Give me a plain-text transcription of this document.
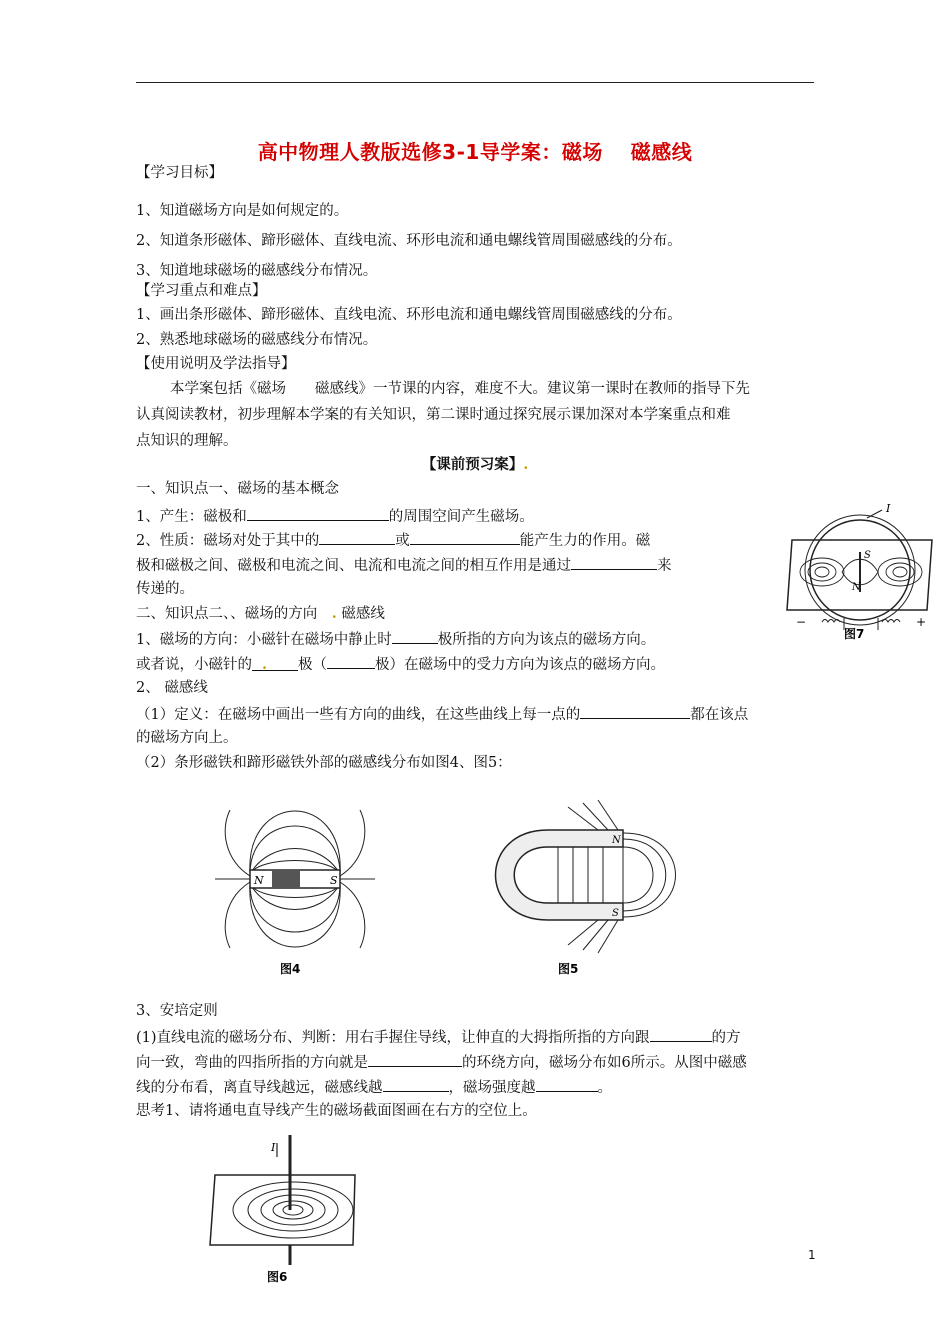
高中物理人教版选修3-1导学案：磁场　 磁感线
【学习目标】
1、知道磁场方向是如何规定的。
2、知道条形磁体、蹄形磁体、直线电流、环形电流和通电螺线管周围磁感线的分布。
3、知道地球磁场的磁感线分布情况。
【学习重点和难点】
1、画出条形磁体、蹄形磁体、直线电流、环形电流和通电螺线管周围磁感线的分布。
2、熟悉地球磁场的磁感线分布情况。
【使用说明及学法指导】
本学案包括《磁场　　磁感线》一节课的内容，难度不大。建议第一课时在教师的指导下先
认真阅读教材，初步理解本学案的有关知识，第二课时通过探究展示课加深对本学案重点和难
点知识的理解。
【课前预习案】.
一、知识点一、磁场的基本概念
1、产生：磁极和	的周围空间产生磁场。
2、性质：磁场对处于其中的	或	能产生力的作用。磁
极和磁极之间、磁极和电流之间、电流和电流之间的相互作用是通过	来
传递的。
二、知识点二、、磁场的方向　 . 磁感线
1、磁场的方向：小磁针在磁场中静止时	极所指的方向为该点的磁场方向。
或者说，小磁针的 . 极（	极）在磁场中的受力方向为该点的磁场方向。
2、 磁感线
（1）定义：在磁场中画出一些有方向的曲线，在这些曲线上每一点的	都在该点
的磁场方向上。
（2）条形磁铁和蹄形磁铁外部的磁感线分布如图4、图5：
3、安培定则
(1)直线电流的磁场分布、判断：用右手握住导线，让伸直的大拇指所指的方向跟	的方
向一致，弯曲的四指所指的方向就是	的环绕方向，磁场分布如6所示。从图中磁感
线的分布看，离直导线越远，磁感线越	，磁场强度越	。
思考1、请将通电直导线产生的磁场截面图画在右方的空位上。
S
N
I
−	+
图7
N	S
图4
N
S
图5
I
图6
1
